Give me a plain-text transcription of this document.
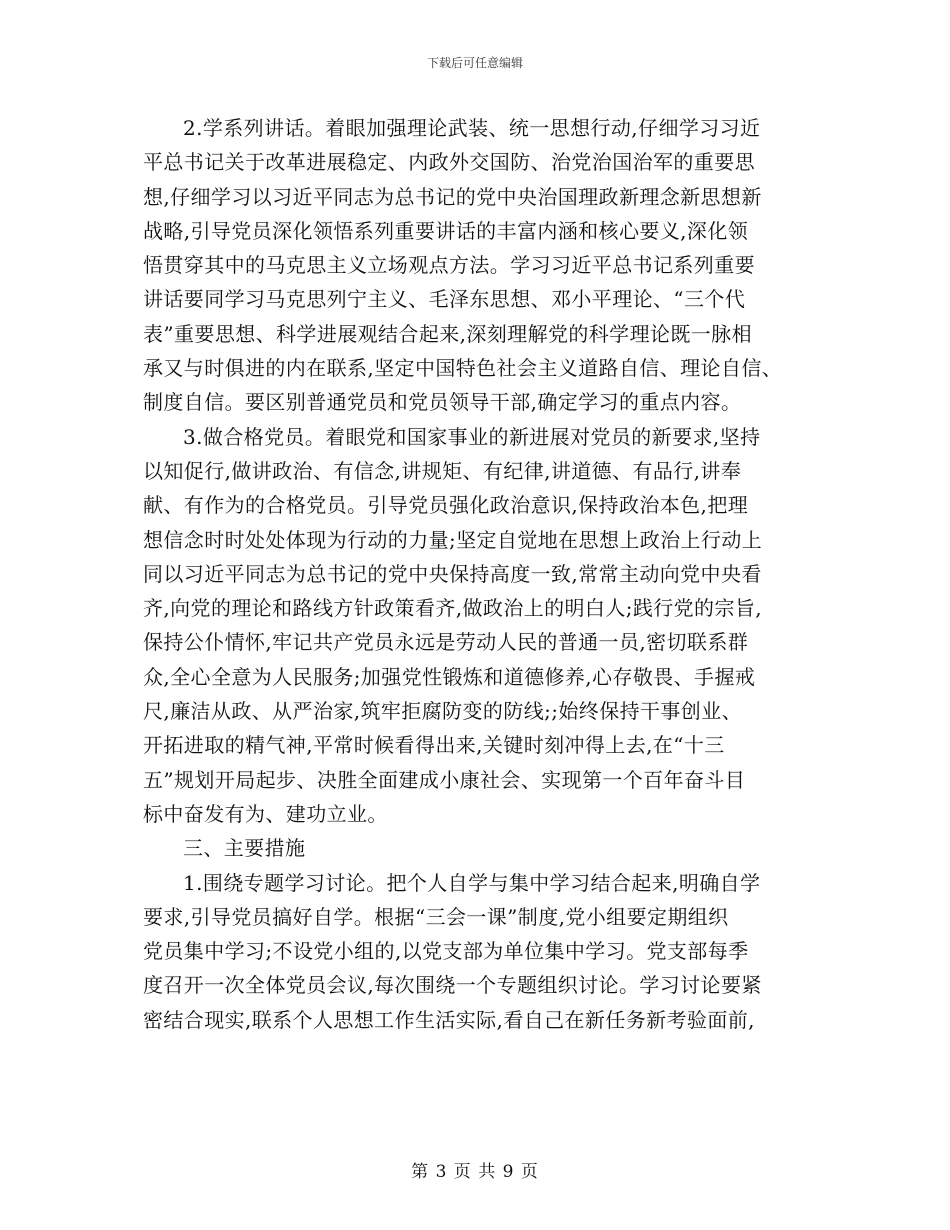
下载后可任意编辑
2.学系列讲话。着眼加强理论武装、统一思想行动,仔细学习习近
平总书记关于改革进展稳定、内政外交国防、治党治国治军的重要思
想,仔细学习以习近平同志为总书记的党中央治国理政新理念新思想新
战略,引导党员深化领悟系列重要讲话的丰富内涵和核心要义,深化领
悟贯穿其中的马克思主义立场观点方法。学习习近平总书记系列重要
讲话要同学习马克思列宁主义、毛泽东思想、邓小平理论、“三个代
表”重要思想、科学进展观结合起来,深刻理解党的科学理论既一脉相
承又与时俱进的内在联系,坚定中国特色社会主义道路自信、理论自信、
制度自信。要区别普通党员和党员领导干部,确定学习的重点内容。
3.做合格党员。着眼党和国家事业的新进展对党员的新要求,坚持
以知促行,做讲政治、有信念,讲规矩、有纪律,讲道德、有品行,讲奉
献、有作为的合格党员。引导党员强化政治意识,保持政治本色,把理
想信念时时处处体现为行动的力量;坚定自觉地在思想上政治上行动上
同以习近平同志为总书记的党中央保持高度一致,常常主动向党中央看
齐,向党的理论和路线方针政策看齐,做政治上的明白人;践行党的宗旨,
保持公仆情怀,牢记共产党员永远是劳动人民的普通一员,密切联系群
众,全心全意为人民服务;加强党性锻炼和道德修养,心存敬畏、手握戒
尺,廉洁从政、从严治家,筑牢拒腐防变的防线;;始终保持干事创业、
开拓进取的精气神,平常时候看得出来,关键时刻冲得上去,在“十三
五”规划开局起步、决胜全面建成小康社会、实现第一个百年奋斗目
标中奋发有为、建功立业。
三、主要措施
1.围绕专题学习讨论。把个人自学与集中学习结合起来,明确自学
要求,引导党员搞好自学。根据“三会一课”制度,党小组要定期组织
党员集中学习;不设党小组的,以党支部为单位集中学习。党支部每季
度召开一次全体党员会议,每次围绕一个专题组织讨论。学习讨论要紧
密结合现实,联系个人思想工作生活实际,看自己在新任务新考验面前,
第 3 页 共 9 页
